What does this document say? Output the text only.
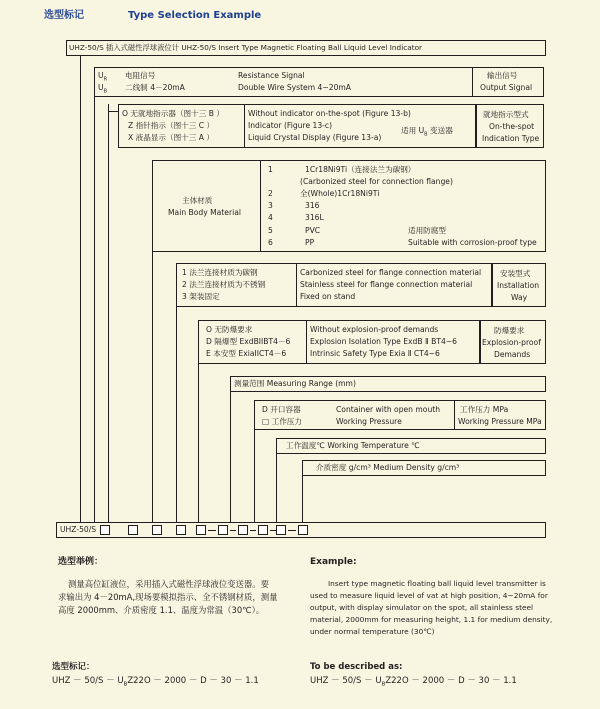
选型标记	Type Selection Example
UHZ-50/S 插入式磁性浮球液位计 UHZ-50/S Insert Type Magnetic Floating Ball Liquid Level Indicator
$U_R$ 电阻信号	Resistance Signal
$U_B$ 二线制 4－20mA	Double Wire System 4~20mA
输出信号
Output Signal
O 无就地指示器（图十三 B ）	Without indicator on-the-spot (Figure 13-b)
Z 指针指示（图十三 C ）	Indicator (Figure 13-c)
X 液晶显示（图十三 A ）	Liquid Crystal Display (Figure 13-a)
适用 $U_B$ 变送器
就地指示型式
On-the-spot
Indication Type
主体材质
Main Body Material
1	1Cr18Ni9Ti（连接法兰为碳钢）
(Carbonized steel for connection flange)
2	全(Whole)1Cr18Ni9Ti
3	316
4	316L
5	PVC
6	PP
适用防腐型
Suitable with corrosion-proof type
1 法兰连接材质为碳钢	Carbonized steel for flange connection material
2 法兰连接材质为不锈钢	Stainless steel for flange connection material
3 架装固定	Fixed on stand
安装型式
Installation
Way
O 无防爆要求	Without explosion-proof demands
D 隔爆型 ExdBIIBT4－6	Explosion Isolation Type ExdB Ⅱ BT4~6
E 本安型 ExiaIICT4－6	Intrinsic Safety Type Exia Ⅱ CT4~6
防爆要求
Explosion-proof
Demands
测量范围 Measuring Range (mm)
D 开口容器	Container with open mouth
□ 工作压力	Working Pressure
工作压力 MPa
Working Pressure MPa
工作温度℃ Working Temperature ℃
介质密度 g/cm³ Medium Density g/cm³
UHZ-50/S
选型举例：
测量高位缸液位，采用插入式磁性浮球液位变送器。要
求输出为 4－20mA,现场要模拟指示、全不锈钢材质，测量
高度 2000mm、介质密度 1.1、温度为常温（30℃）。
Example:
Insert type magnetic floating ball liquid level transmitter is
used to measure liquid level of vat at high position, 4~20mA for
output, with display simulator on the spot, all stainless steel
material, 2000mm for measuring height, 1.1 for medium density,
under normal temperature (30℃)
选型标记：
UHZ － $50/S - U_BZ22O - 2000 - D - 30 - 1.1$
To be described as:
UHZ － $50/S - U_BZ22O - 2000 - D - 30 - 1.1$
